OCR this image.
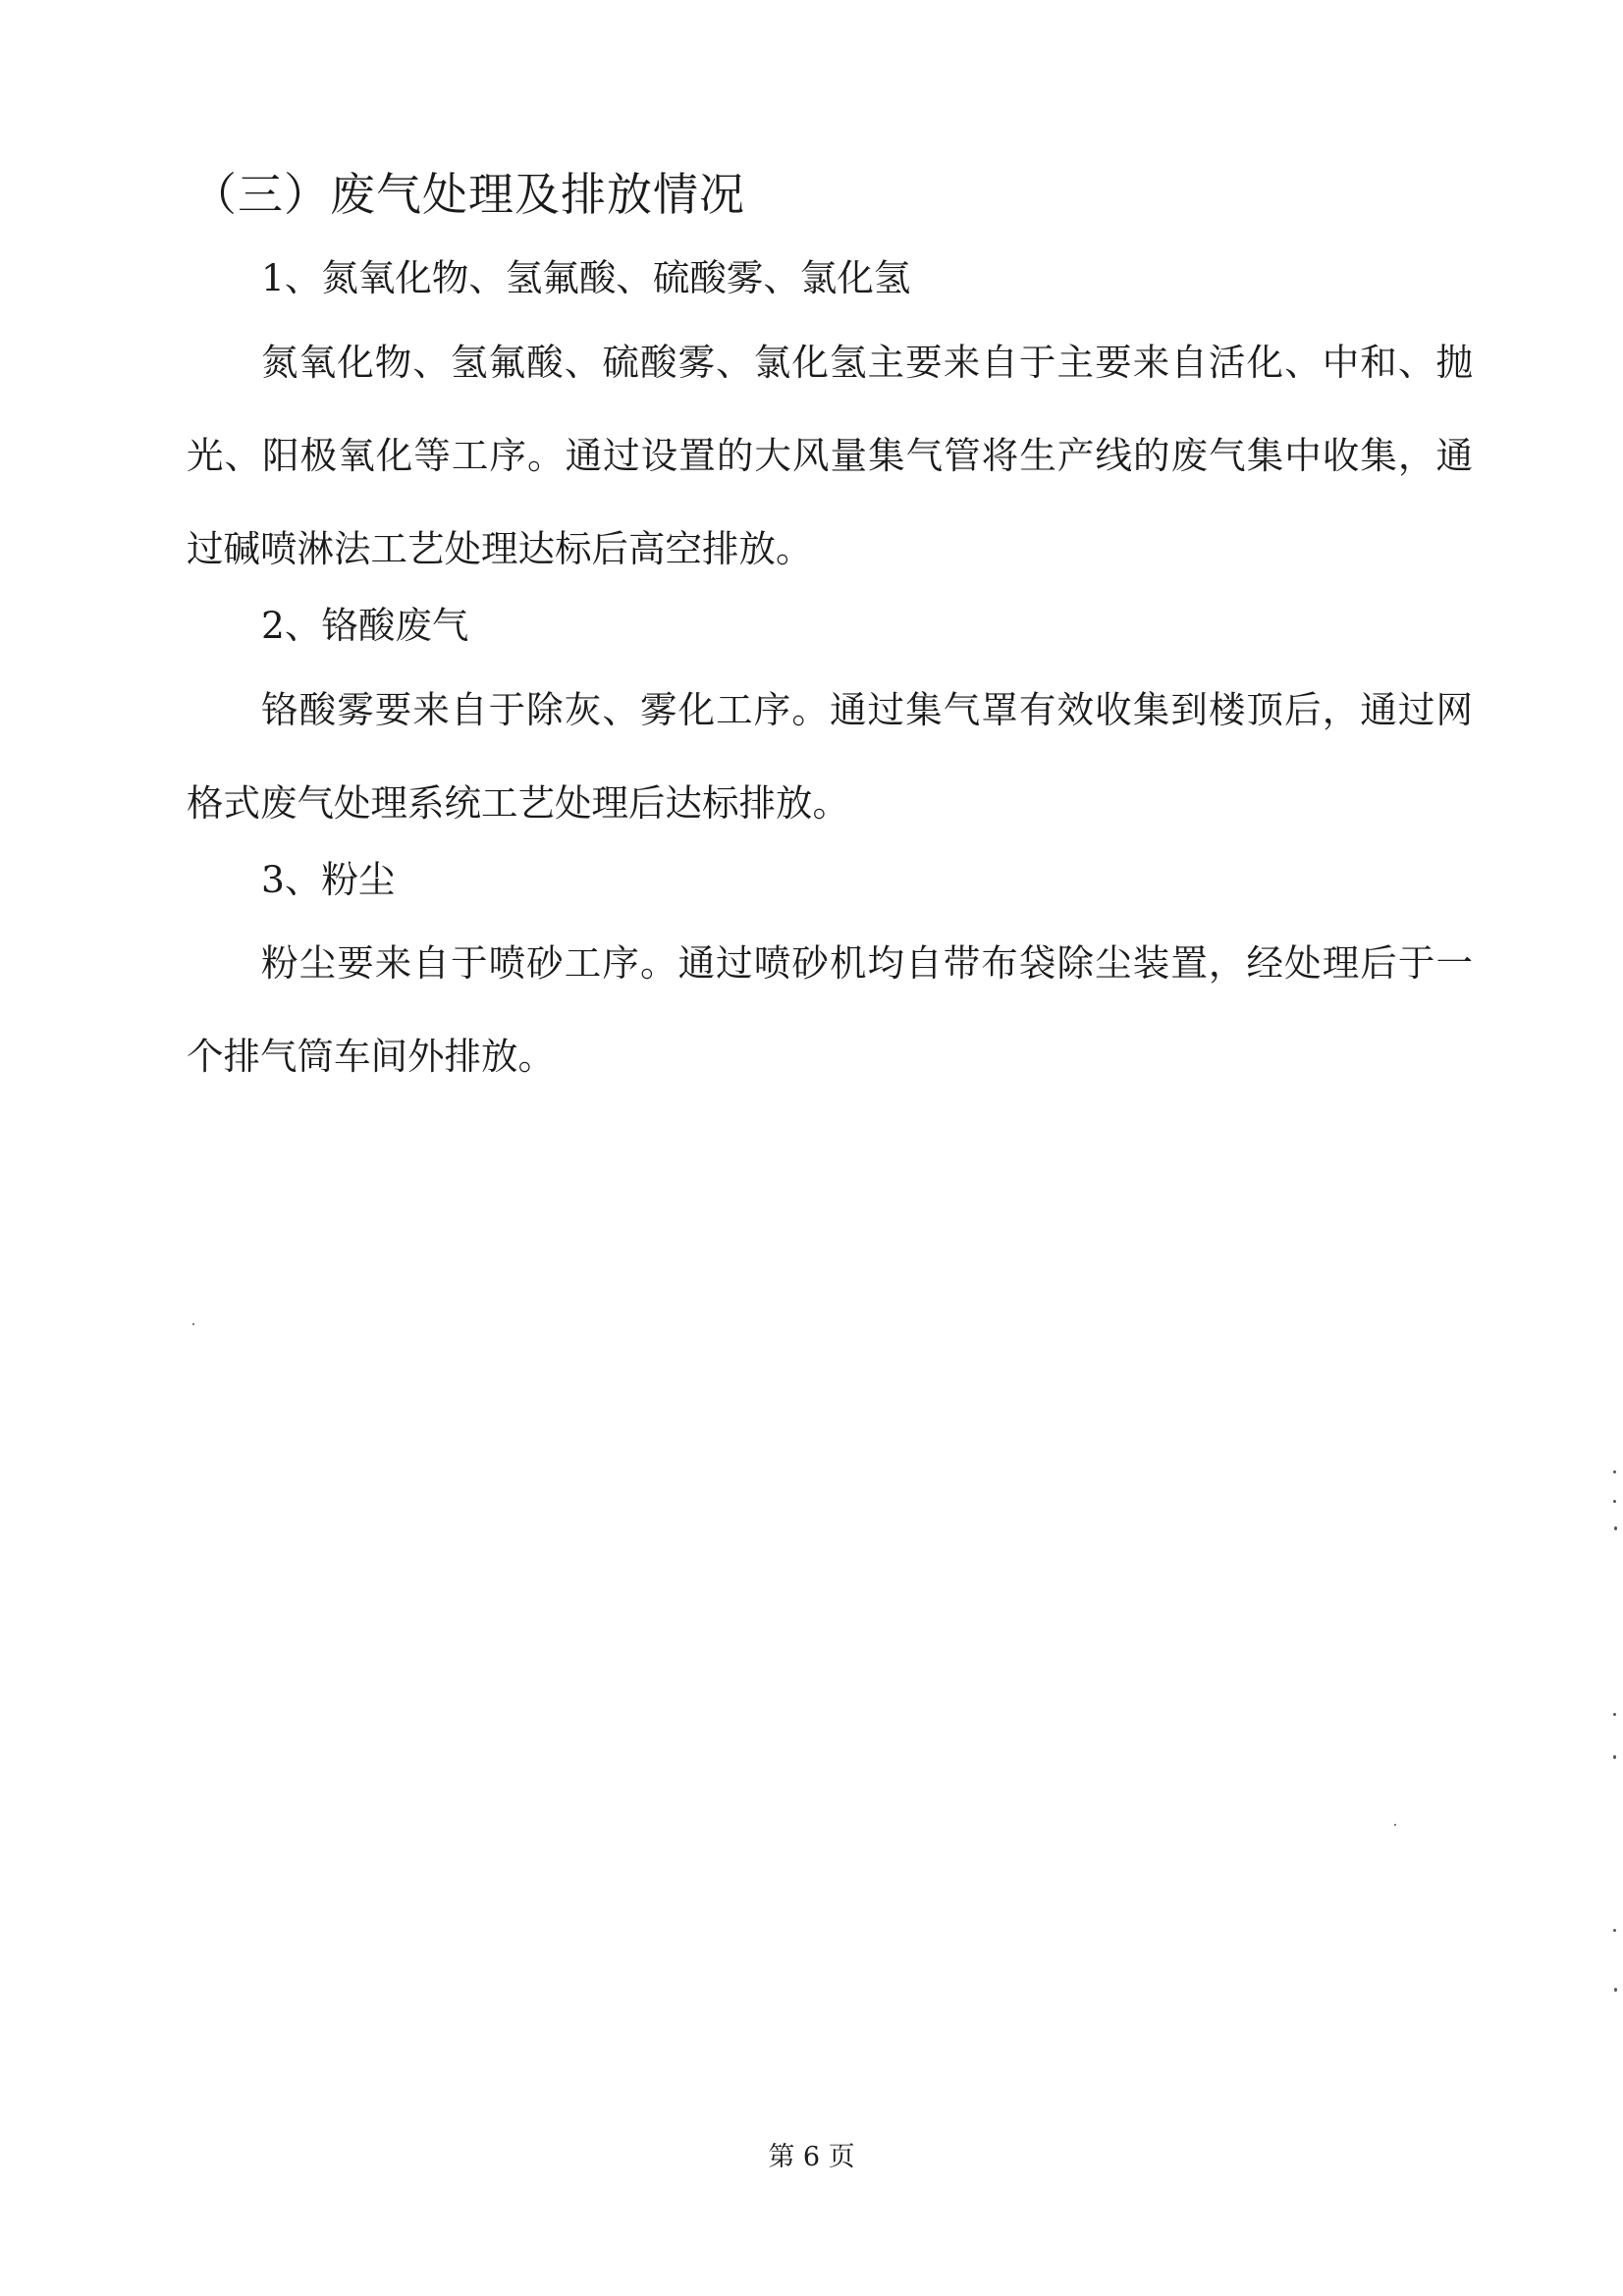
（三）废气处理及排放情况
1、氮氧化物、氢氟酸、硫酸雾、氯化氢

氮氧化物、氢氟酸、硫酸雾、氯化氢主要来自于主要来自活化、中和、抛光、阳极氧化等工序。通过设置的大风量集气管将生产线的废气集中收集，通过碱喷淋法工艺处理达标后高空排放。

2、铬酸废气

铬酸雾要来自于除灰、雾化工序。通过集气罩有效收集到楼顶后，通过网格式废气处理系统工艺处理后达标排放。

3、粉尘

粉尘要来自于喷砂工序。通过喷砂机均自带布袋除尘装置，经处理后于一个排气筒车间外排放。

第 6 页
